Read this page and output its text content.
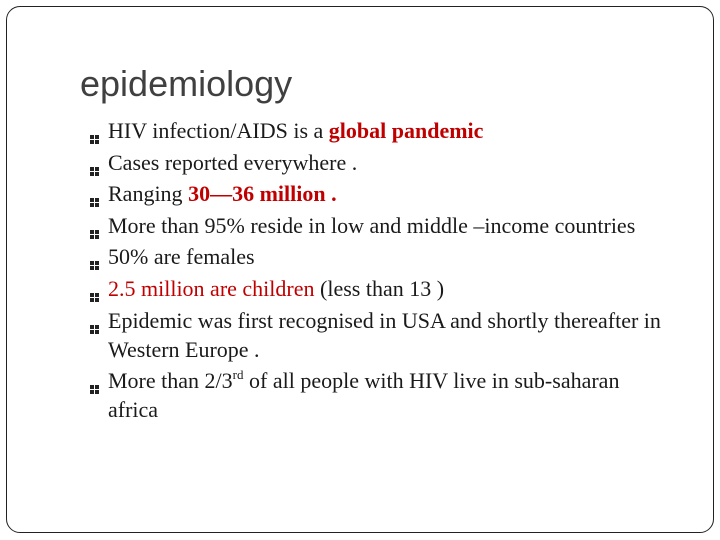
epidemiology
HIV infection/AIDS is a global pandemic
Cases reported everywhere .
Ranging 30—36 million .
More than 95% reside in low and middle –income countries
50% are females
2.5 million are children (less than 13 )
Epidemic was first recognised in USA and shortly thereafter in Western Europe .
More than 2/3rd of all people with HIV live in sub-saharan africa
